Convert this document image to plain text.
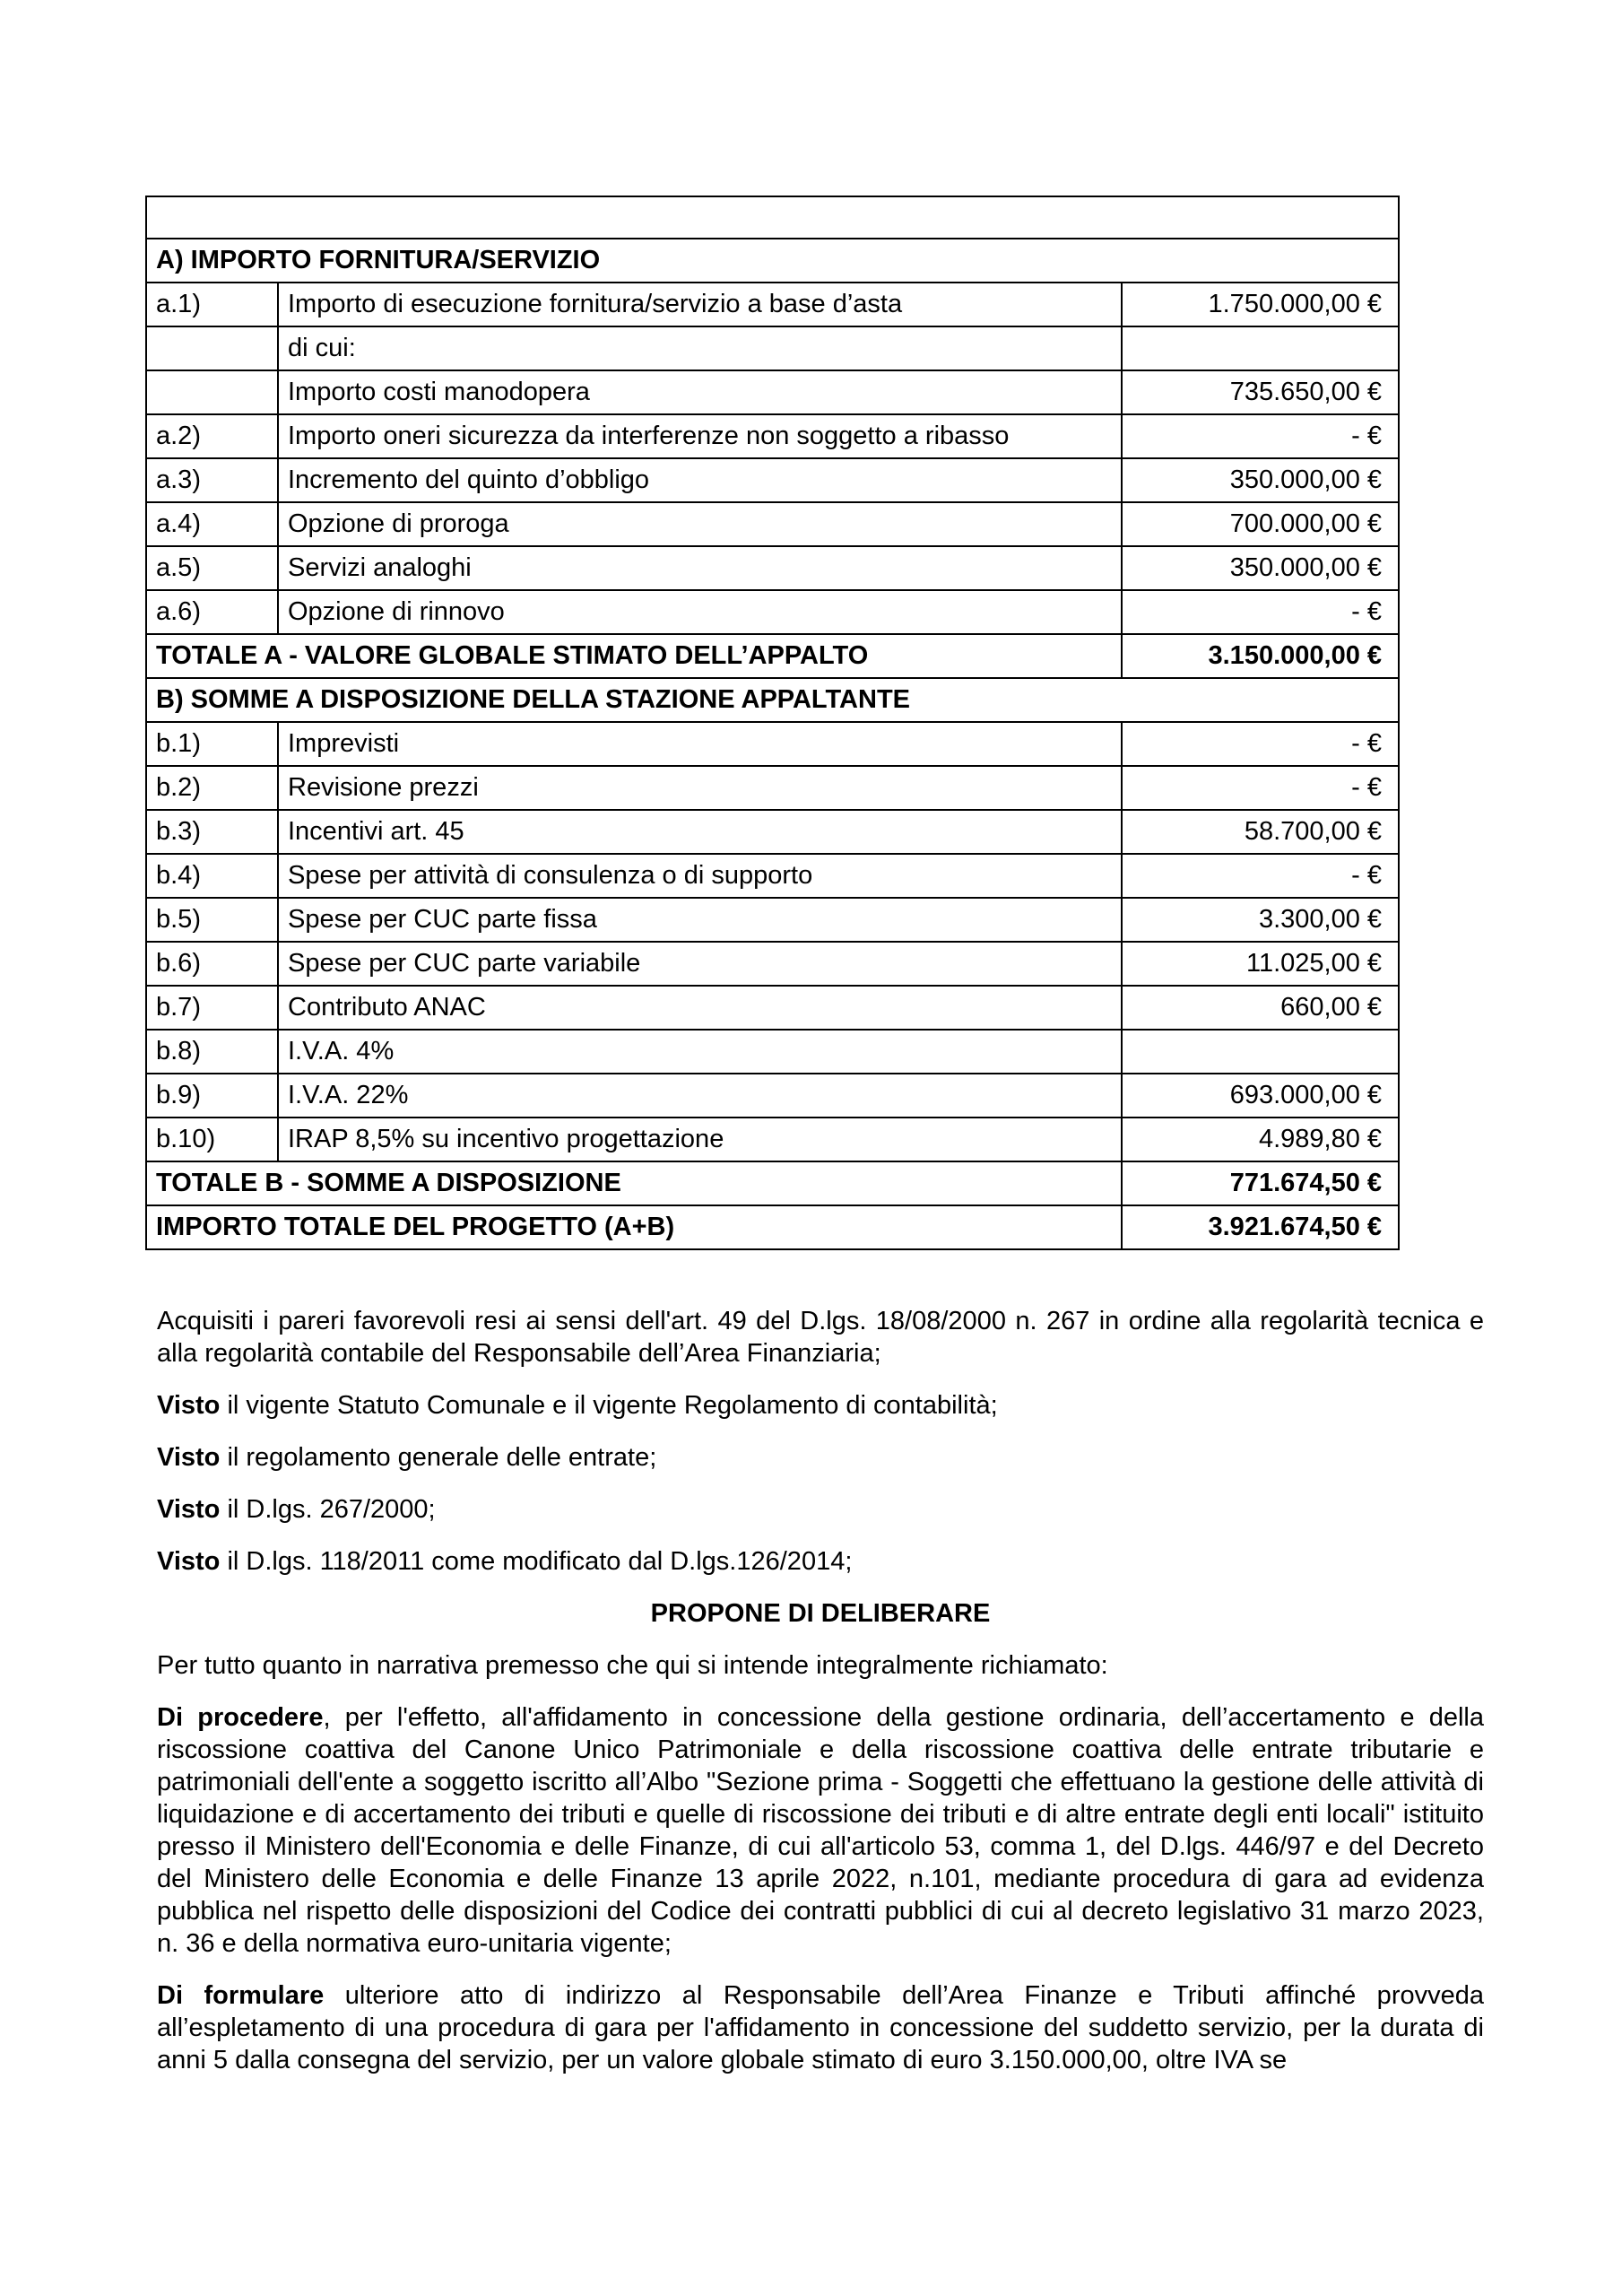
A) IMPORTO FORNITURA/SERVIZIO		
a.1)	Importo di esecuzione fornitura/servizio a base d’asta	1.750.000,00 €
	di cui:	
	Importo costi manodopera	735.650,00 €
a.2)	Importo oneri sicurezza da interferenze non soggetto a ribasso	- €
a.3)	Incremento del quinto d’obbligo	350.000,00 €
a.4)	Opzione di proroga	700.000,00 €
a.5)	Servizi analoghi	350.000,00 €
a.6)	Opzione di rinnovo	- €
TOTALE A - VALORE GLOBALE STIMATO DELL’APPALTO		3.150.000,00 €
B) SOMME A DISPOSIZIONE DELLA STAZIONE APPALTANTE		
b.1)	Imprevisti	- €
b.2)	Revisione prezzi	- €
b.3)	Incentivi art. 45	58.700,00 €
b.4)	Spese per attività di consulenza o di supporto	- €
b.5)	Spese per CUC parte fissa	3.300,00 €
b.6)	Spese per CUC parte variabile	11.025,00 €
b.7)	Contributo ANAC	660,00 €
b.8)	I.V.A. 4%	
b.9)	I.V.A. 22%	693.000,00 €
b.10)	IRAP 8,5% su incentivo progettazione	4.989,80 €
TOTALE B - SOMME A DISPOSIZIONE		771.674,50 €
IMPORTO TOTALE DEL PROGETTO (A+B)		3.921.674,50 €

Acquisiti i pareri favorevoli resi ai sensi dell'art. 49 del D.lgs. 18/08/2000 n. 267 in ordine alla regolarità tecnica e alla regolarità contabile del Responsabile dell’Area Finanziaria;

Visto il vigente Statuto Comunale e il vigente Regolamento di contabilità;

Visto il regolamento generale delle entrate;

Visto il D.lgs. 267/2000;

Visto il D.lgs. 118/2011 come modificato dal D.lgs.126/2014;

PROPONE DI DELIBERARE

Per tutto quanto in narrativa premesso che qui si intende integralmente richiamato:

Di procedere, per l'effetto, all'affidamento in concessione della gestione ordinaria, dell’accertamento e della riscossione coattiva del Canone Unico Patrimoniale e della riscossione coattiva delle entrate tributarie e patrimoniali dell'ente a soggetto iscritto all’Albo "Sezione prima - Soggetti che effettuano la gestione delle attività di liquidazione e di accertamento dei tributi e quelle di riscossione dei tributi e di altre entrate degli enti locali" istituito presso il Ministero dell'Economia e delle Finanze, di cui all'articolo 53, comma 1, del D.lgs. 446/97 e del Decreto del Ministero delle Economia e delle Finanze 13 aprile 2022, n.101, mediante procedura di gara ad evidenza pubblica nel rispetto delle disposizioni del Codice dei contratti pubblici di cui al decreto legislativo 31 marzo 2023, n. 36 e della normativa euro-unitaria vigente;

Di formulare ulteriore atto di indirizzo al Responsabile dell’Area Finanze e Tributi affinché provveda all’espletamento di una procedura di gara per l'affidamento in concessione del suddetto servizio, per la durata di anni 5 dalla consegna del servizio, per un valore globale stimato di euro 3.150.000,00, oltre IVA se
